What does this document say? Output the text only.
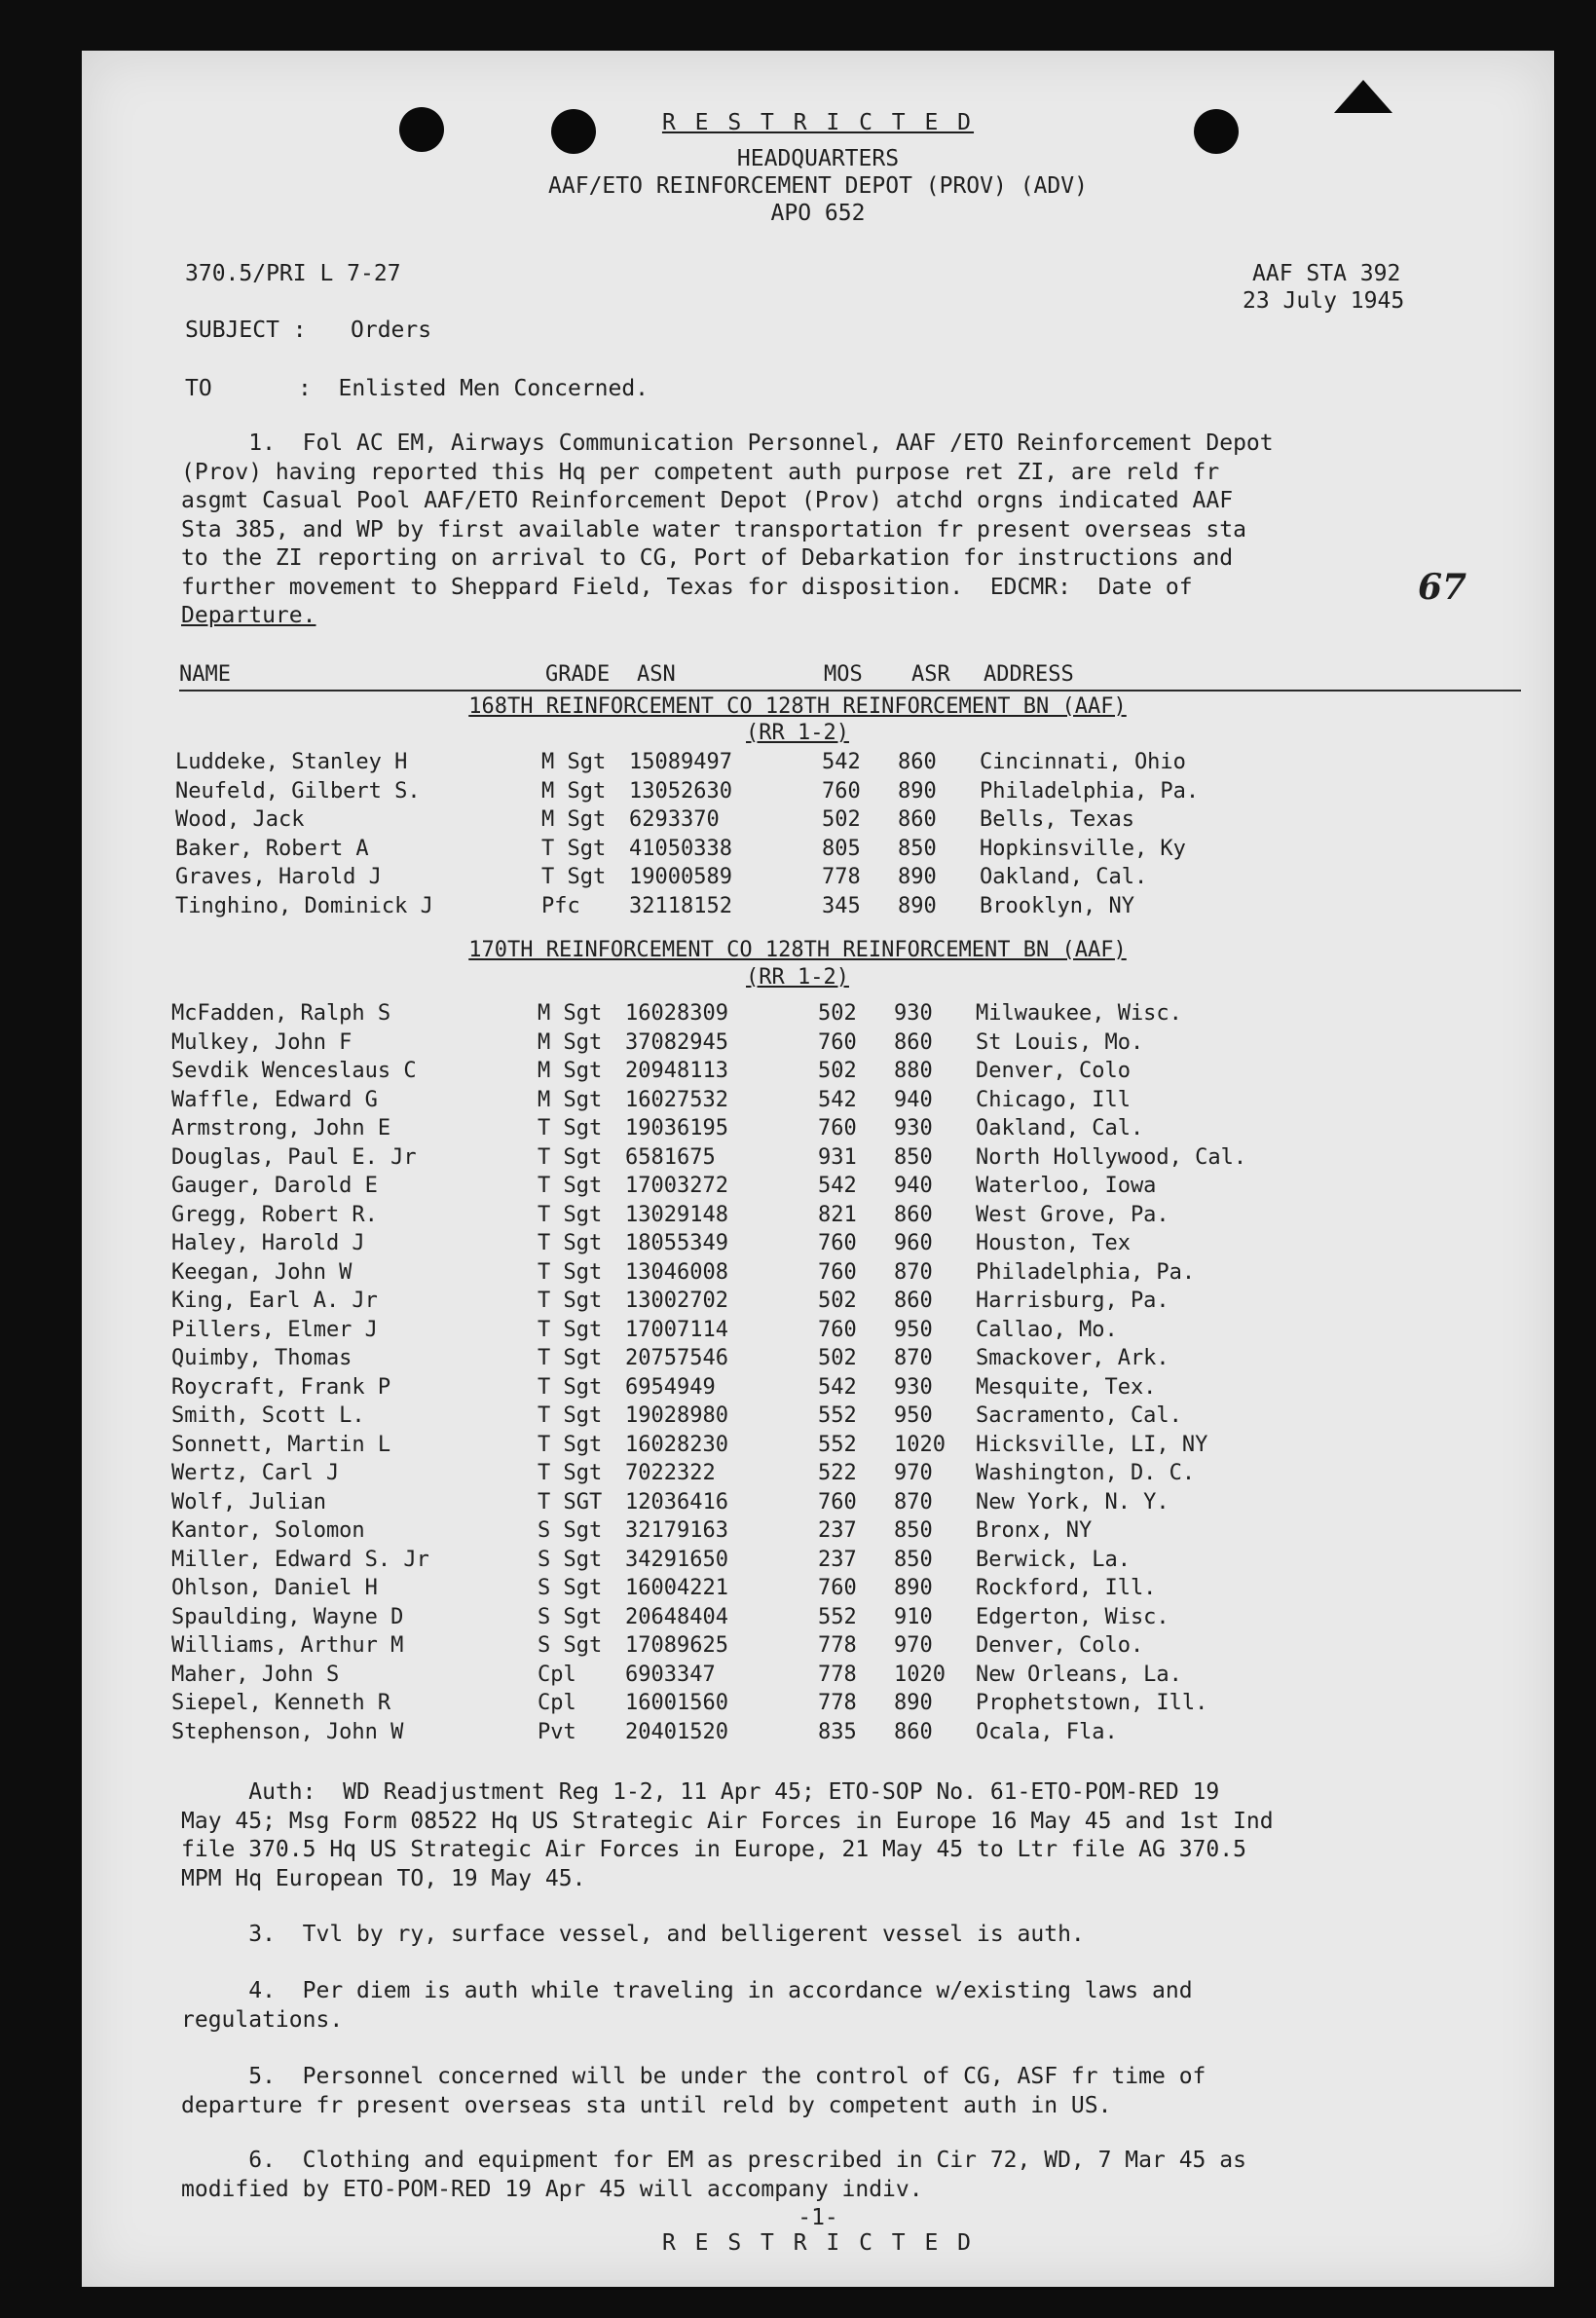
R E S T R I C T E D
HEADQUARTERS
AAF/ETO REINFORCEMENT DEPOT (PROV) (ADV)
APO 652
370.5/PRI L 7-27	AAF STA 392
23 July 1945
SUBJECT : Orders
TO	:  Enlisted Men Concerned.

1.  Fol AC EM, Airways Communication Personnel, AAF /ETO Reinforcement Depot

(Prov) having reported this Hq per competent auth purpose ret ZI, are reld fr

asgmt Casual Pool AAF/ETO Reinforcement Depot (Prov) atchd orgns indicated AAF

Sta 385, and WP by first available water transportation fr present overseas sta

to the ZI reporting on arrival to CG, Port of Debarkation for instructions and

further movement to Sheppard Field, Texas for disposition.  EDCMR:  Date of

Departure.

67
NAME	GRADE ASN	MOS ASR ADDRESS
168TH REINFORCEMENT CO 128TH REINFORCEMENT BN (AAF)
(RR 1-2)
Luddeke, Stanley H	M Sgt 15089497	542 860 Cincinnati, Ohio
Neufeld, Gilbert S.	M Sgt 13052630	760 890 Philadelphia, Pa.
Wood, Jack	M Sgt 6293370	502 860 Bells, Texas
Baker, Robert A	T Sgt 41050338	805 850 Hopkinsville, Ky
Graves, Harold J	T Sgt 19000589	778 890 Oakland, Cal.
Tinghino, Dominick J	Pfc 32118152	345 890 Brooklyn, NY
170TH REINFORCEMENT CO 128TH REINFORCEMENT BN (AAF)
(RR 1-2)
McFadden, Ralph S	M Sgt 16028309	502 930 Milwaukee, Wisc.
Mulkey, John F	M Sgt 37082945	760 860 St Louis, Mo.
Sevdik Wenceslaus C	M Sgt 20948113	502 880 Denver, Colo
Waffle, Edward G	M Sgt 16027532	542 940 Chicago, Ill
Armstrong, John E	T Sgt 19036195	760 930 Oakland, Cal.
Douglas, Paul E. Jr	T Sgt 6581675	931 850 North Hollywood, Cal.
Gauger, Darold E	T Sgt 17003272	542 940 Waterloo, Iowa
Gregg, Robert R.	T Sgt 13029148	821 860 West Grove, Pa.
Haley, Harold J	T Sgt 18055349	760 960 Houston, Tex
Keegan, John W	T Sgt 13046008	760 870 Philadelphia, Pa.
King, Earl A. Jr	T Sgt 13002702	502 860 Harrisburg, Pa.
Pillers, Elmer J	T Sgt 17007114	760 950 Callao, Mo.
Quimby, Thomas	T Sgt 20757546	502 870 Smackover, Ark.
Roycraft, Frank P	T Sgt 6954949	542 930 Mesquite, Tex.
Smith, Scott L.	T Sgt 19028980	552 950 Sacramento, Cal.
Sonnett, Martin L	T Sgt 16028230	552 1020 Hicksville, LI, NY
Wertz, Carl J	T Sgt 7022322	522 970 Washington, D. C.
Wolf, Julian	T SGT 12036416	760 870 New York, N. Y.
Kantor, Solomon	S Sgt 32179163	237 850 Bronx, NY
Miller, Edward S. Jr	S Sgt 34291650	237 850 Berwick, La.
Ohlson, Daniel H	S Sgt 16004221	760 890 Rockford, Ill.
Spaulding, Wayne D	S Sgt 20648404	552 910 Edgerton, Wisc.
Williams, Arthur M	S Sgt 17089625	778 970 Denver, Colo.
Maher, John S	Cpl 6903347	778 1020 New Orleans, La.
Siepel, Kenneth R	Cpl 16001560	778 890 Prophetstown, Ill.
Stephenson, John W	Pvt 20401520	835 860 Ocala, Fla.

Auth:  WD Readjustment Reg 1-2, 11 Apr 45; ETO-SOP No. 61-ETO-POM-RED 19

May 45; Msg Form 08522 Hq US Strategic Air Forces in Europe 16 May 45 and 1st Ind

file 370.5 Hq US Strategic Air Forces in Europe, 21 May 45 to Ltr file AG 370.5

MPM Hq European TO, 19 May 45.

3.  Tvl by ry, surface vessel, and belligerent vessel is auth.

4.  Per diem is auth while traveling in accordance w/existing laws and

regulations.

5.  Personnel concerned will be under the control of CG, ASF fr time of

departure fr present overseas sta until reld by competent auth in US.

6.  Clothing and equipment for EM as prescribed in Cir 72, WD, 7 Mar 45 as

modified by ETO-POM-RED 19 Apr 45 will accompany indiv.

-1-
R E S T R I C T E D
